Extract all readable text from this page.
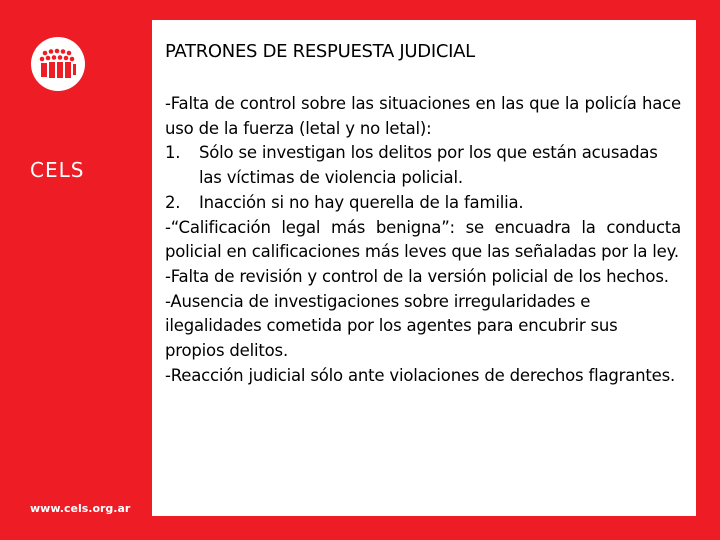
CELS
www.cels.org.ar
PATRONES DE RESPUESTA JUDICIAL

-Falta de control sobre las situaciones en las que la policía hace uso de la fuerza (letal y no letal):

1.	Sólo se investigan los delitos por los que están acusadas las víctimas de violencia policial.
2.	Inacción si no hay querella de la familia.

-“Calificación legal más benigna”: se encuadra la conducta policial en calificaciones más leves que las señaladas por la ley.

-Falta de revisión y control de la versión policial de los hechos.

-Ausencia de investigaciones sobre irregularidades e ilegalidades cometida por los agentes para encubrir sus propios delitos.

-Reacción judicial sólo ante violaciones de derechos flagrantes.
